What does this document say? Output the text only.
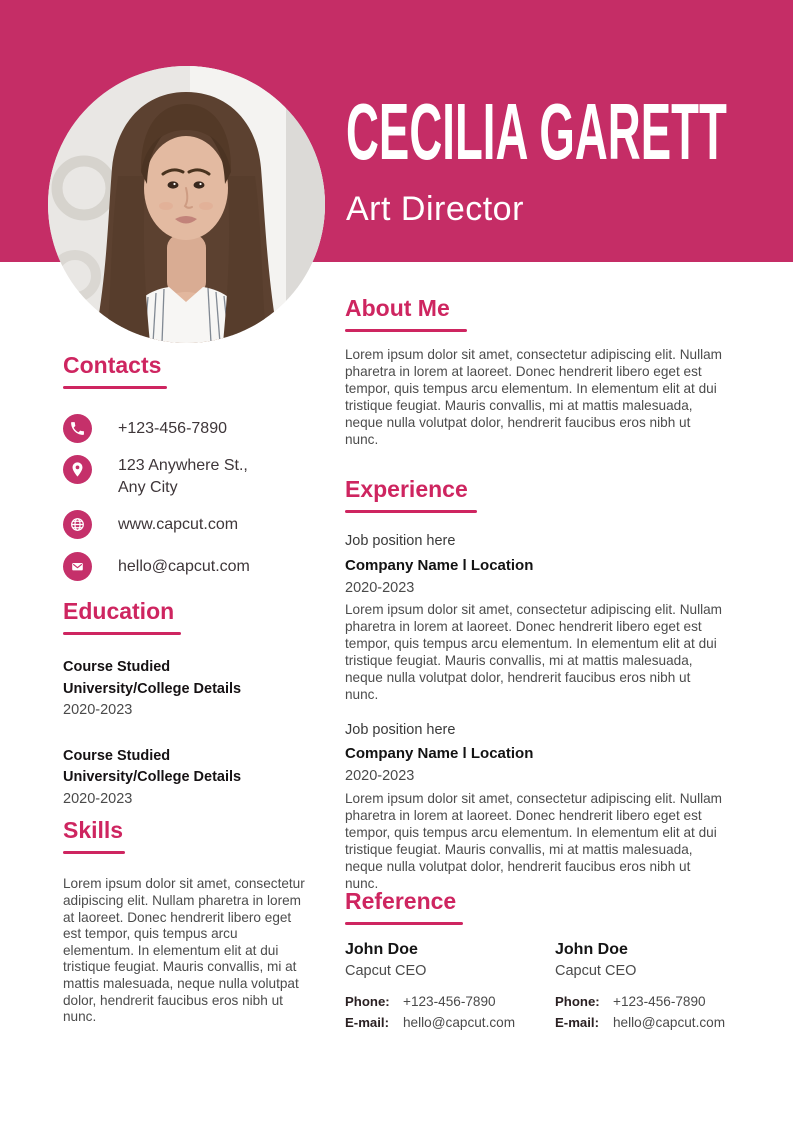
CECILIA GARETT
Art Director
Contacts
+123-456-7890
123 Anywhere St., Any City
www.capcut.com
hello@capcut.com
Education
Course Studied
University/College Details
2020-2023
Course Studied
University/College Details
2020-2023
Skills

Lorem ipsum dolor sit amet, consectetur adipiscing elit. Nullam pharetra in lorem at laoreet. Donec hendrerit libero eget est tempor, quis tempus arcu elementum. In elementum elit at dui tristique feugiat. Mauris convallis, mi at mattis malesuada, neque nulla volutpat dolor, hendrerit faucibus eros nibh ut nunc.

About Me

Lorem ipsum dolor sit amet, consectetur adipiscing elit. Nullam pharetra in lorem at laoreet. Donec hendrerit libero eget est tempor, quis tempus arcu elementum. In elementum elit at dui tristique feugiat. Mauris convallis, mi at mattis malesuada, neque nulla volutpat dolor, hendrerit faucibus eros nibh ut nunc.

Experience
Job position here
Company Name l Location
2020-2023

Lorem ipsum dolor sit amet, consectetur adipiscing elit. Nullam pharetra in lorem at laoreet. Donec hendrerit libero eget est tempor, quis tempus arcu elementum. In elementum elit at dui tristique feugiat. Mauris convallis, mi at mattis malesuada, neque nulla volutpat dolor, hendrerit faucibus eros nibh ut nunc.

Job position here
Company Name l Location
2020-2023

Lorem ipsum dolor sit amet, consectetur adipiscing elit. Nullam pharetra in lorem at laoreet. Donec hendrerit libero eget est tempor, quis tempus arcu elementum. In elementum elit at dui tristique feugiat. Mauris convallis, mi at mattis malesuada, neque nulla volutpat dolor, hendrerit faucibus eros nibh ut nunc.

Reference
John Doe
Capcut CEO
Phone: +123-456-7890
E-mail:	hello@capcut.com
John Doe
Capcut CEO
Phone: +123-456-7890
E-mail:	hello@capcut.com
